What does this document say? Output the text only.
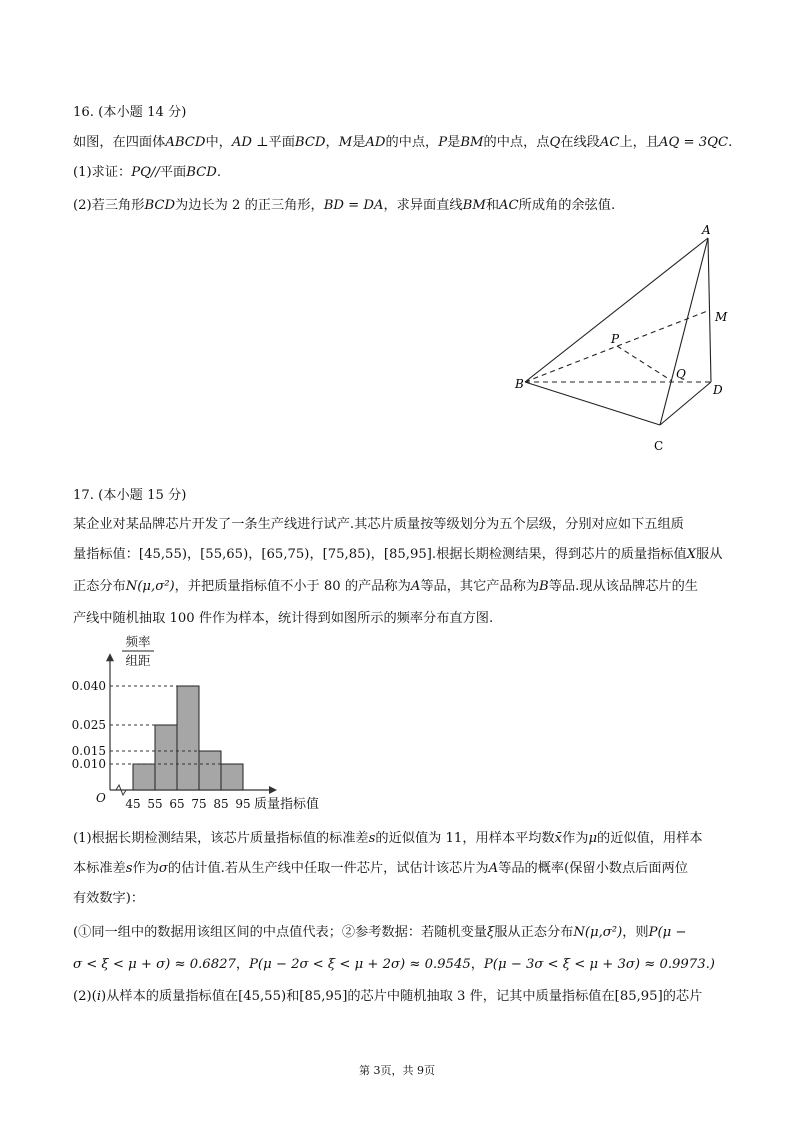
16. (本小题 14 分)
如图，在四面体ABCD中，AD ⊥平面BCD，M是AD的中点，P是BM的中点，点Q在线段AC上，且AQ = 3QC.
(1)求证：PQ//平面BCD.
(2)若三角形BCD为边长为 2 的正三角形，BD = DA，求异面直线BM和AC所成角的余弦值.
A
M
P
Q
B	D
C
17. (本小题 15 分)
某企业对某品牌芯片开发了一条生产线进行试产.其芯片质量按等级划分为五个层级，分别对应如下五组质
量指标值：[45,55)，[55,65)，[65,75)，[75,85)，[85,95].根据长期检测结果，得到芯片的质量指标值X服从
正态分布N(μ,σ²)，并把质量指标值不小于 80 的产品称为A等品，其它产品称为B等品.现从该品牌芯片的生
产线中随机抽取 100 件作为样本，统计得到如图所示的频率分布直方图.
频率
组距
0.010
0.015
0.025
0.040
45 55 65 75 85 95 质量指标值
O
(1)根据长期检测结果，该芯片质量指标值的标准差s的近似值为 11，用样本平均数x̄作为μ的近似值，用样本
本标准差s作为σ的估计值.若从生产线中任取一件芯片，试估计该芯片为A等品的概率(保留小数点后面两位
有效数字)：
(①同一组中的数据用该组区间的中点值代表；②参考数据：若随机变量ξ服从正态分布N(μ,σ²)，则P(μ −
σ < ξ < μ + σ) ≈ 0.6827，P(μ − 2σ < ξ < μ + 2σ) ≈ 0.9545，P(μ − 3σ < ξ < μ + 3σ) ≈ 0.9973.)
(2)(i)从样本的质量指标值在[45,55)和[85,95]的芯片中随机抽取 3 件，记其中质量指标值在[85,95]的芯片
第 3页，共 9页
